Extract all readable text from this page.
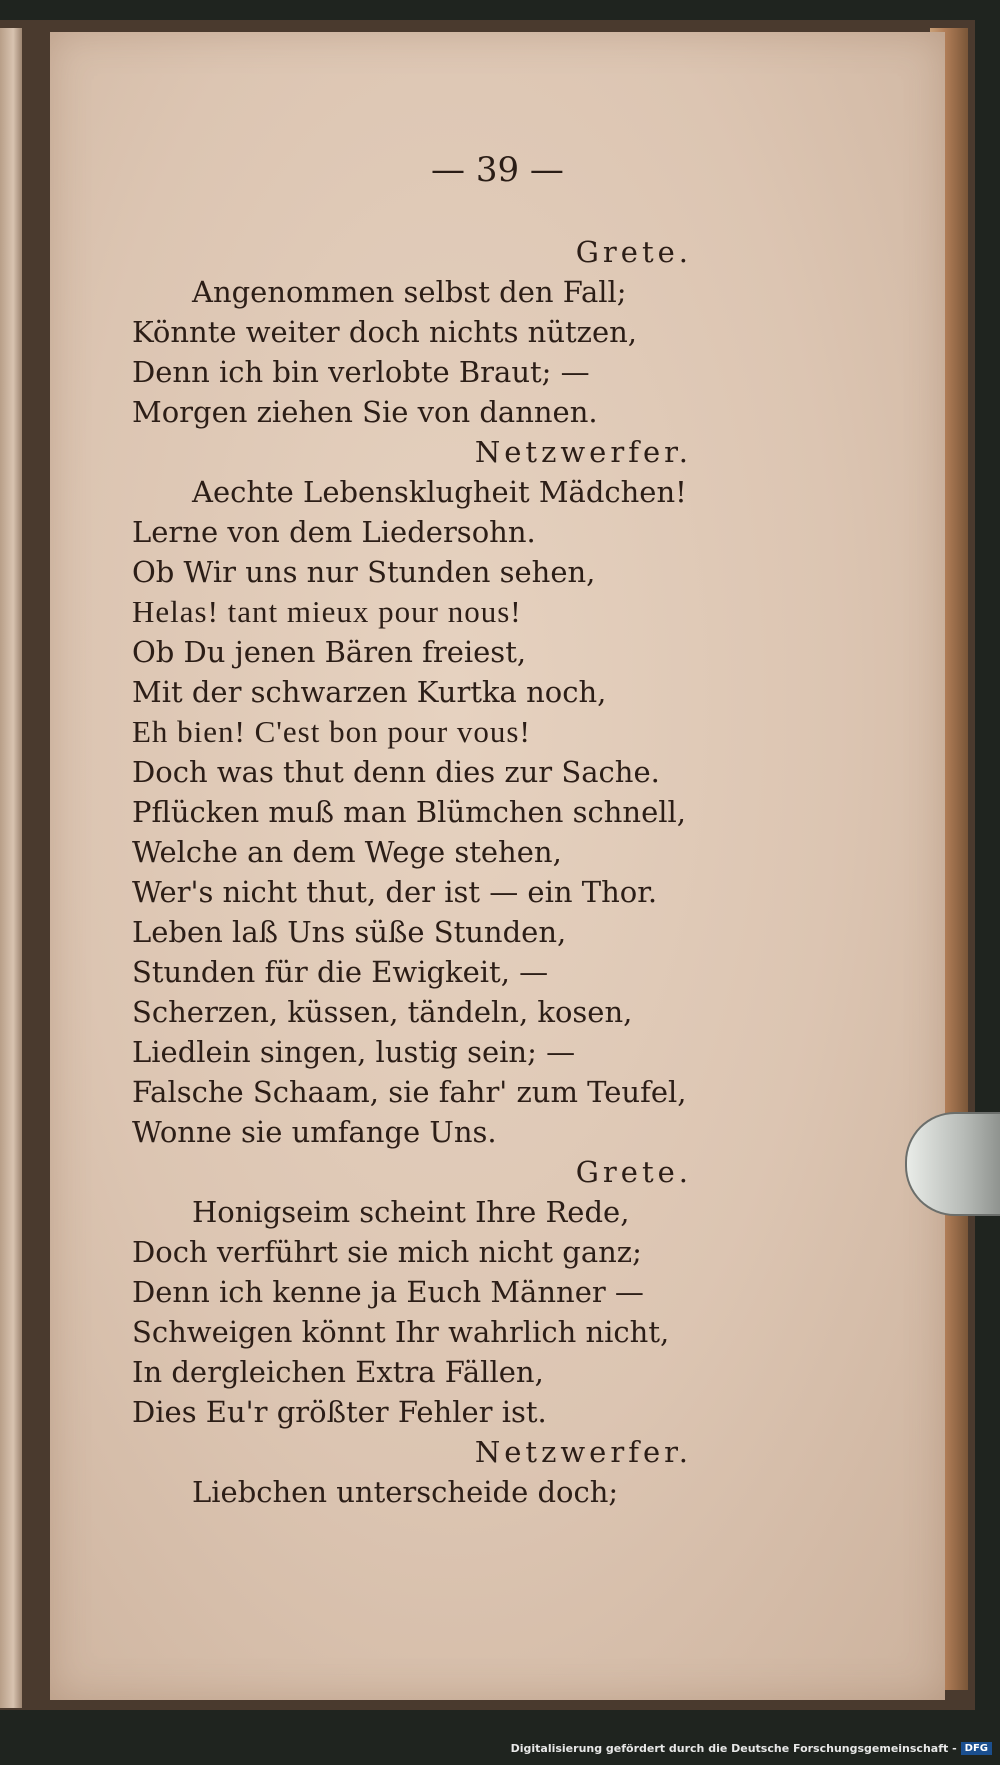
— 39 —

Grete.
Angenommen selbst den Fall;
Könnte weiter doch nichts nützen,
Denn ich bin verlobte Braut; —
Morgen ziehen Sie von dannen.
Netzwerfer.
Aechte Lebensklugheit Mädchen!
Lerne von dem Liedersohn.
Ob Wir uns nur Stunden sehen,
Helas! tant mieux pour nous!
Ob Du jenen Bären freiest,
Mit der schwarzen Kurtka noch,
Eh bien! C'est bon pour vous!
Doch was thut denn dies zur Sache.
Pflücken muß man Blümchen schnell,
Welche an dem Wege stehen,
Wer's nicht thut, der ist — ein Thor.
Leben laß Uns süße Stunden,
Stunden für die Ewigkeit, —
Scherzen, küssen, tändeln, kosen,
Liedlein singen, lustig sein; —
Falsche Schaam, sie fahr' zum Teufel,
Wonne sie umfange Uns.
Grete.
Honigseim scheint Ihre Rede,
Doch verführt sie mich nicht ganz;
Denn ich kenne ja Euch Männer —
Schweigen könnt Ihr wahrlich nicht,
In dergleichen Extra Fällen,
Dies Eu'r größter Fehler ist.
Netzwerfer.
Liebchen unterscheide doch;
Digitalisierung gefördert durch die Deutsche Forschungsgemeinschaft - DFG
